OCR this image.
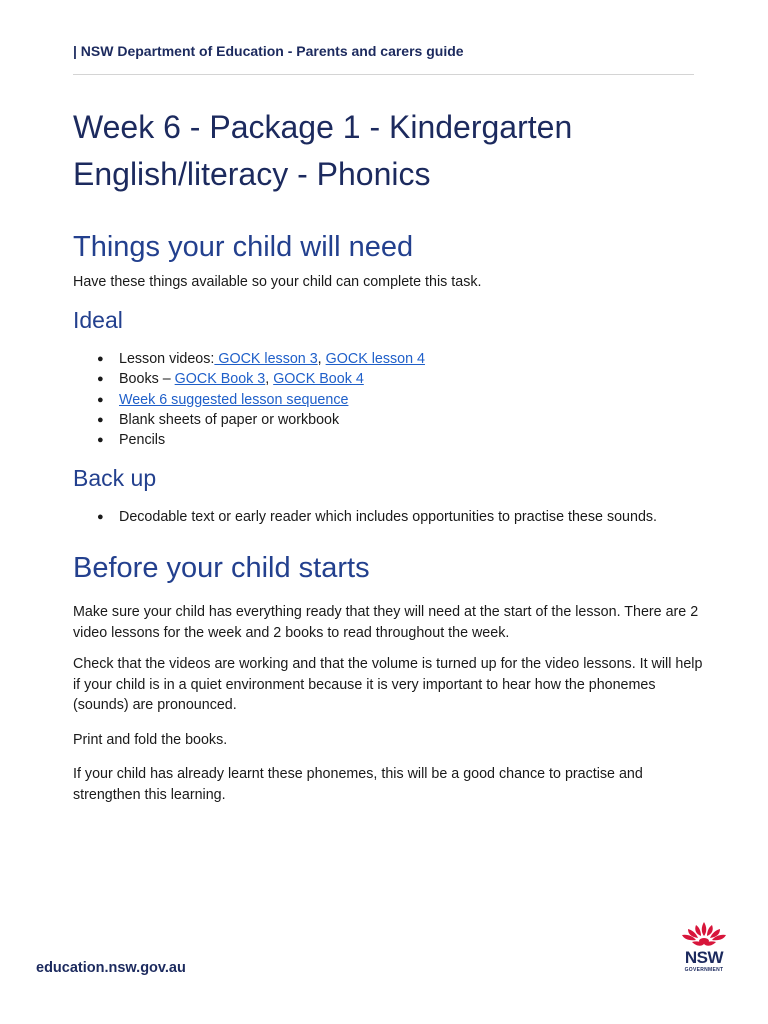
| NSW Department of Education - Parents and carers guide
Week 6 - Package 1 - Kindergarten
English/literacy - Phonics
Things your child will need

Have these things available so your child can complete this task.

Ideal
● Lesson videos: GOCK lesson 3, GOCK lesson 4
● Books – GOCK Book 3, GOCK Book 4
● Week 6 suggested lesson sequence
● Blank sheets of paper or workbook
● Pencils
Back up
● Decodable text or early reader which includes opportunities to practise these sounds.
Before your child starts

Make sure your child has everything ready that they will need at the start of the lesson. There are 2 video lessons for the week and 2 books to read throughout the week.

Check that the videos are working and that the volume is turned up for the video lessons. It will help if your child is in a quiet environment because it is very important to hear how the phonemes (sounds) are pronounced.

Print and fold the books.

If your child has already learnt these phonemes, this will be a good chance to practise and strengthen this learning.

education.nsw.gov.au
NSW
GOVERNMENT
